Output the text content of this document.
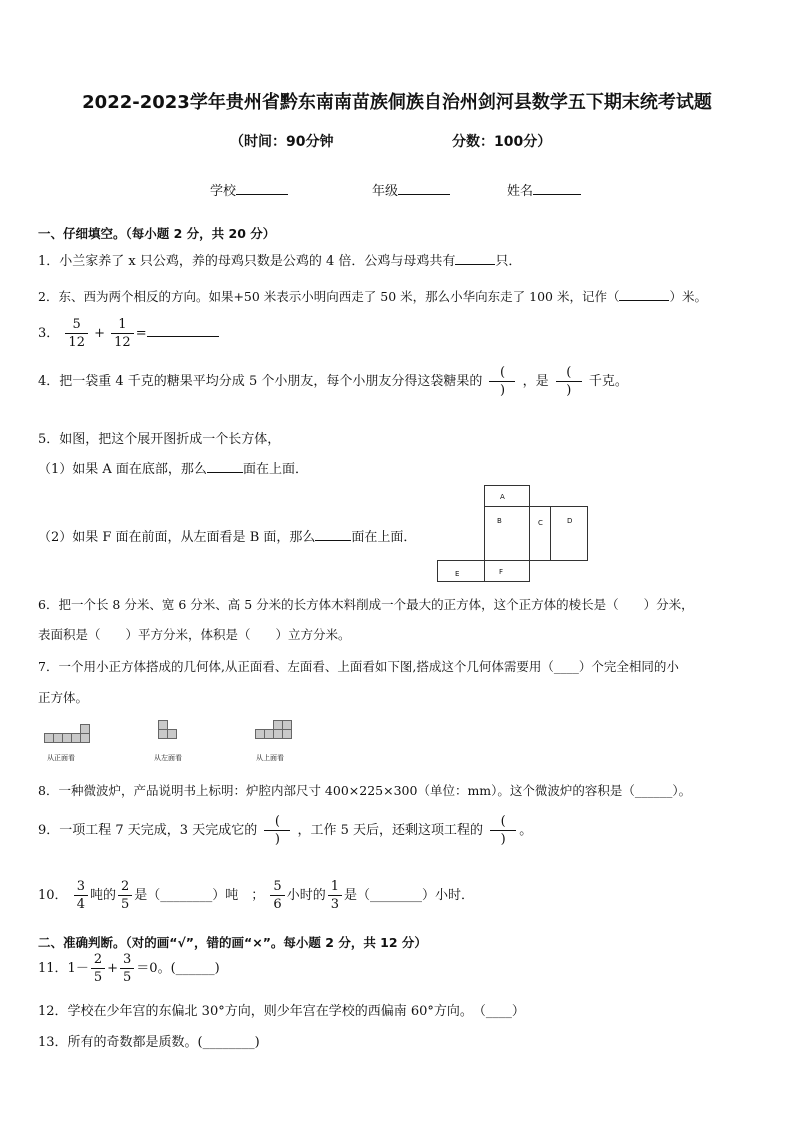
2022-2023学年贵州省黔东南南苗族侗族自治州剑河县数学五下期末统考试题
（时间：90分钟	分数：100分）
学校	年级	姓名
一、仔细填空。（每小题 2 分，共 20 分）
1．小兰家养了 x 只公鸡，养的母鸡只数是公鸡的 4 倍．公鸡与母鸡共有	只．
2．东、西为两个相反的方向。如果+50 米表示小明向西走了 50 米，那么小华向东走了 100 米，记作（	）米。
3． $\frac{5}{12} + \frac{1}{12}$ =
4．把一袋重 4 千克的糖果平均分成 5 个小朋友，每个小朋友分得这袋糖果的
(
)
，是
(
)
千克。
5．如图，把这个展开图折成一个长方体，
（1）如果 A 面在底部，那么	面在上面．
（2）如果 F 面在前面，从左面看是 B 面，那么	面在上面．
A
B	C	D
F
E
6．把一个长 8 分米、宽 6 分米、高 5 分米的长方体木料削成一个最大的正方体，这个正方体的棱长是（　　）分米，
表面积是（　　）平方分米，体积是（　　）立方分米。
7．一个用小正方体搭成的几何体,从正面看、左面看、上面看如下图,搭成这个几何体需要用（____）个完全相同的小
正方体。
从正面看	从左面看	从上面看
8．一种微波炉，产品说明书上标明：炉腔内部尺寸 400×225×300（单位：mm）。这个微波炉的容积是（______）。
9．一项工程 7 天完成，3 天完成它的
(
)
，工作 5 天后，还剩这项工程的
(
)
。
10． $\frac{3}{4}$ 吨的 $\frac{2}{5}$ 是（________）吨　； $\frac{5}{6}$ 小时的 $\frac{1}{3}$ 是（________）小时．
二、准确判断。（对的画“√”，错的画“×”。每小题 2 分，共 12 分）
11．$1- \frac{2}{5} + \frac{3}{5} =0$。(______)
12．学校在少年宫的东偏北 30°方向，则少年宫在学校的西偏南 60°方向。　（____）
13．所有的奇数都是质数。(________)
